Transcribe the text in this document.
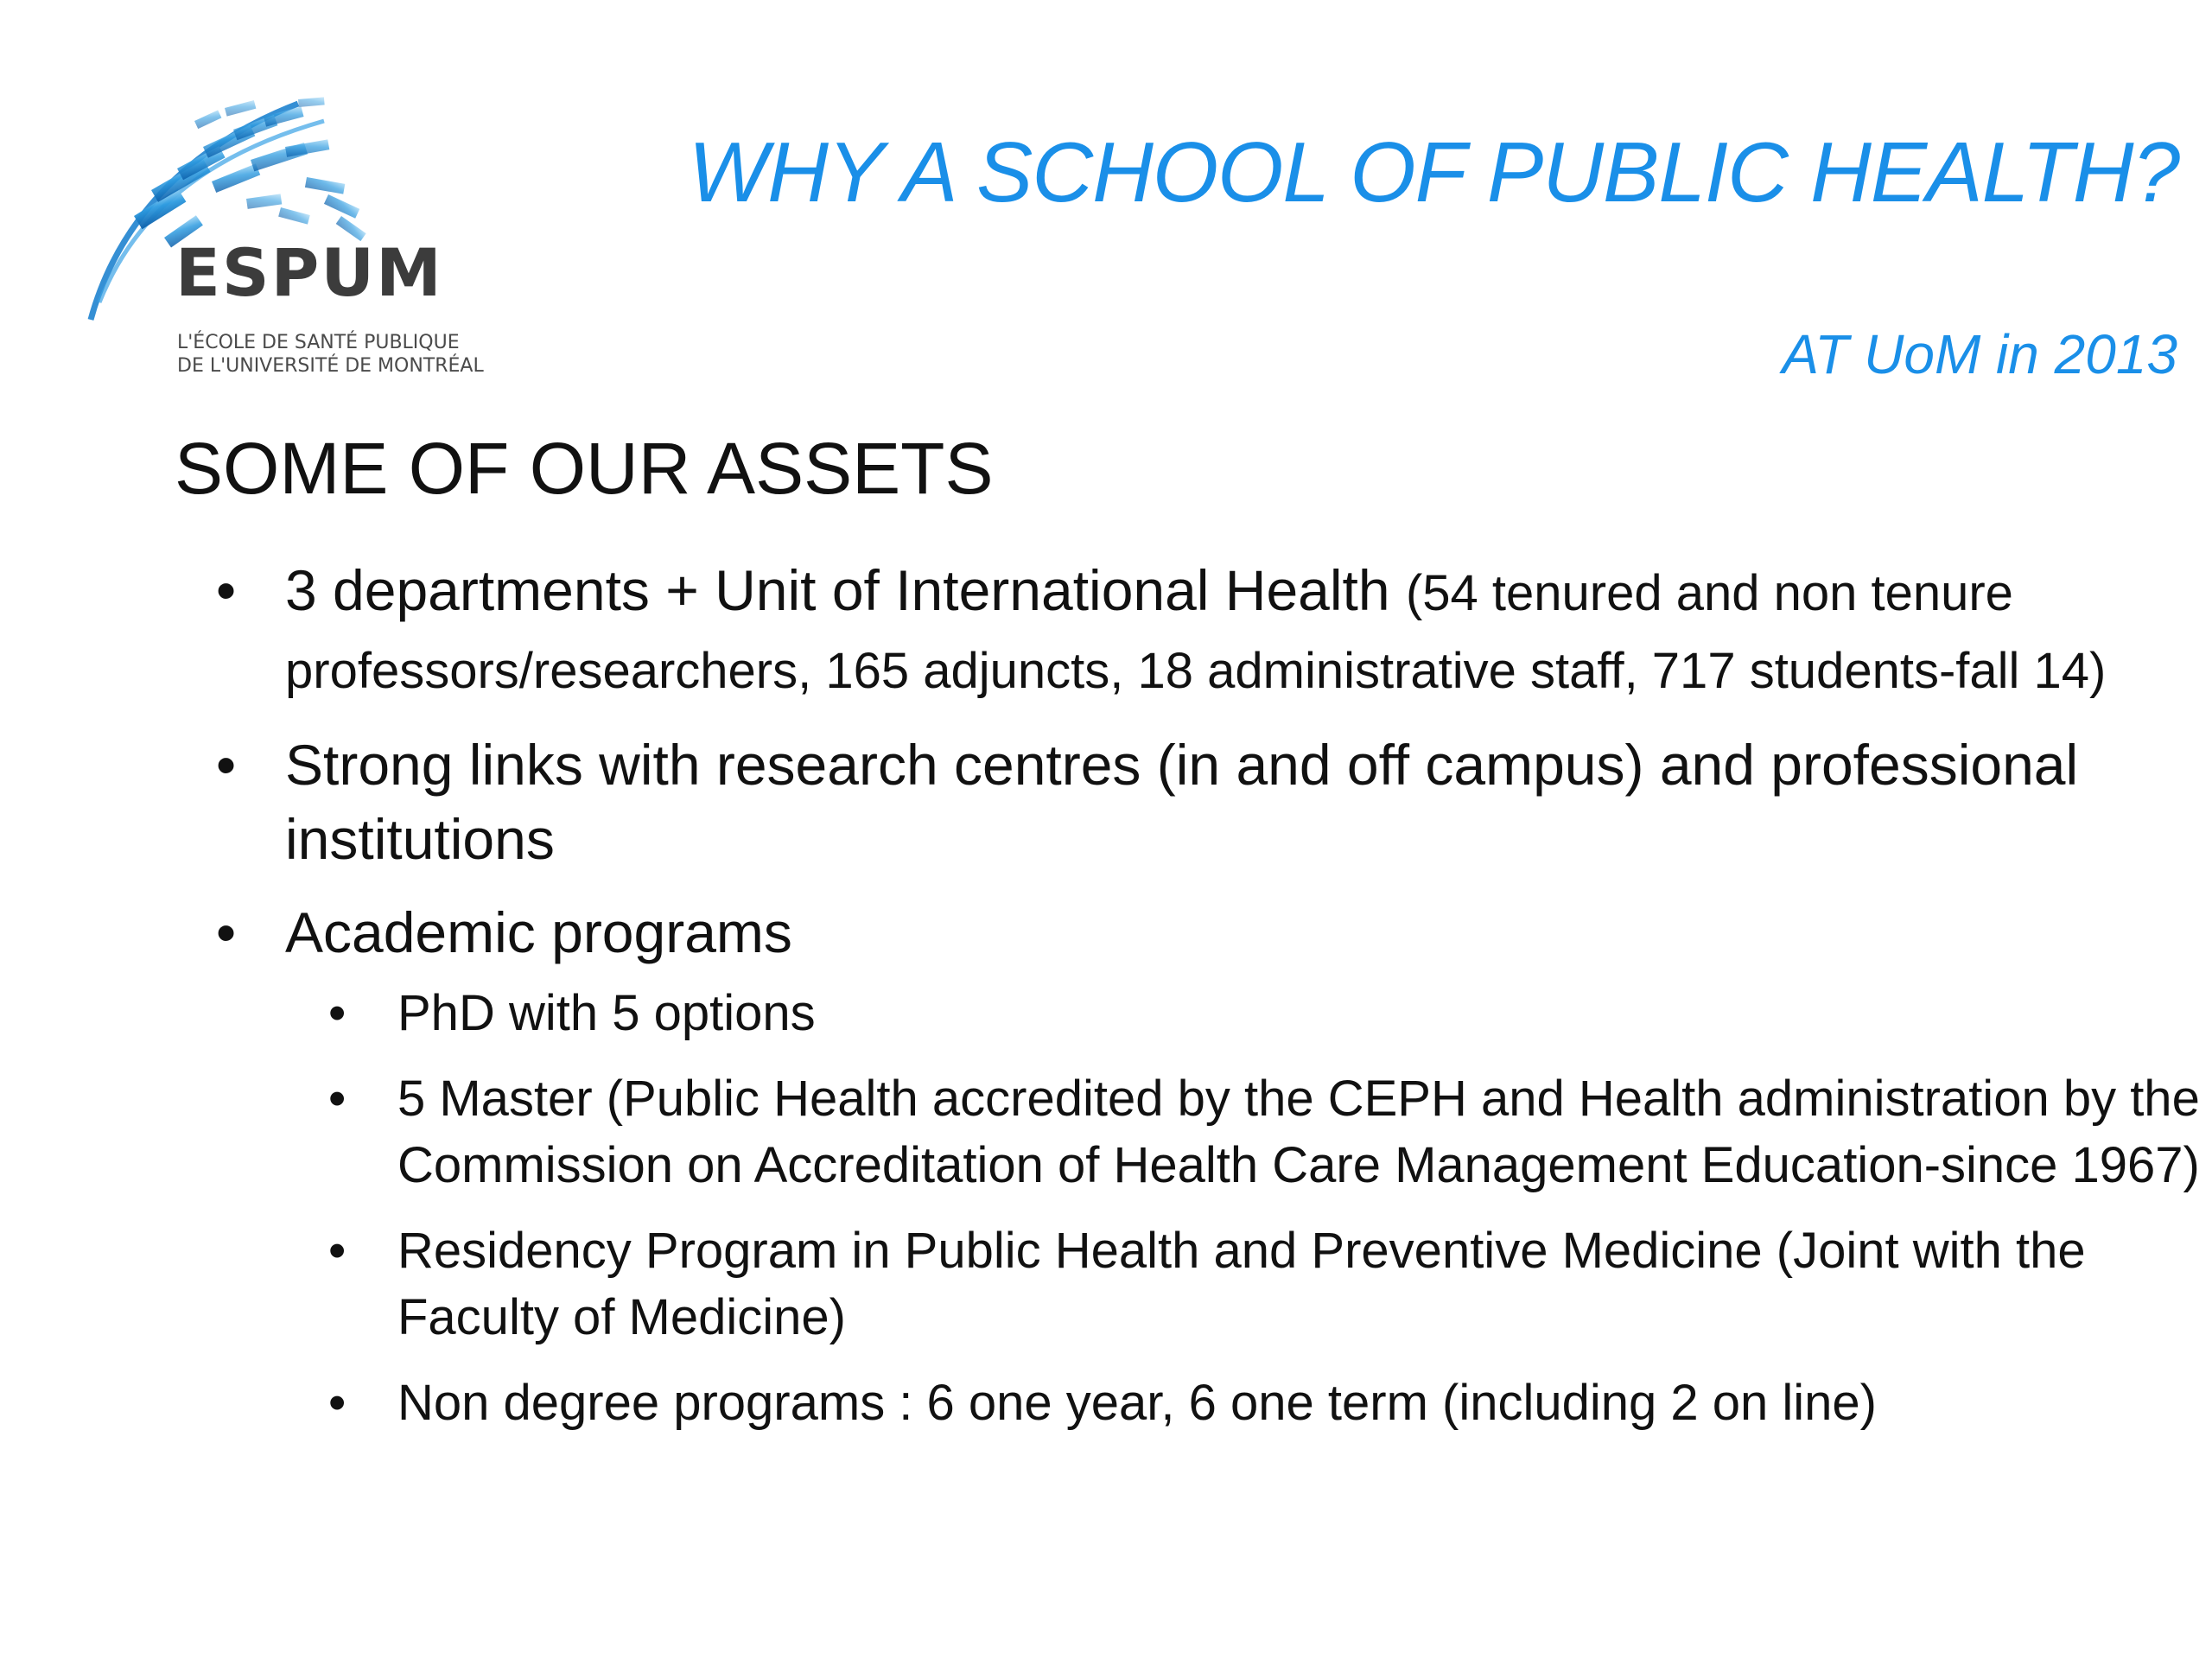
ESPUM
L'ÉCOLE DE SANTÉ PUBLIQUE
DE L'UNIVERSITÉ DE MONTRÉAL
WHY A SCHOOL OF PUBLIC HEALTH?
AT UoM in 2013
SOME OF OUR ASSETS
• 3 departments + Unit of International Health (54 tenured and non tenure professors/researchers, 165 adjuncts, 18 administrative staff, 717 students-fall 14)
• Strong links with research centres (in and off campus) and professional institutions
• Academic programs
• PhD with 5 options
• 5 Master (Public Health accredited by the CEPH and Health administration by the Commission on Accreditation of Health Care Management Education-since 1967)
• Residency Program in Public Health and Preventive Medicine (Joint with the Faculty of Medicine)
• Non degree programs : 6 one year, 6 one term (including 2 on line)
